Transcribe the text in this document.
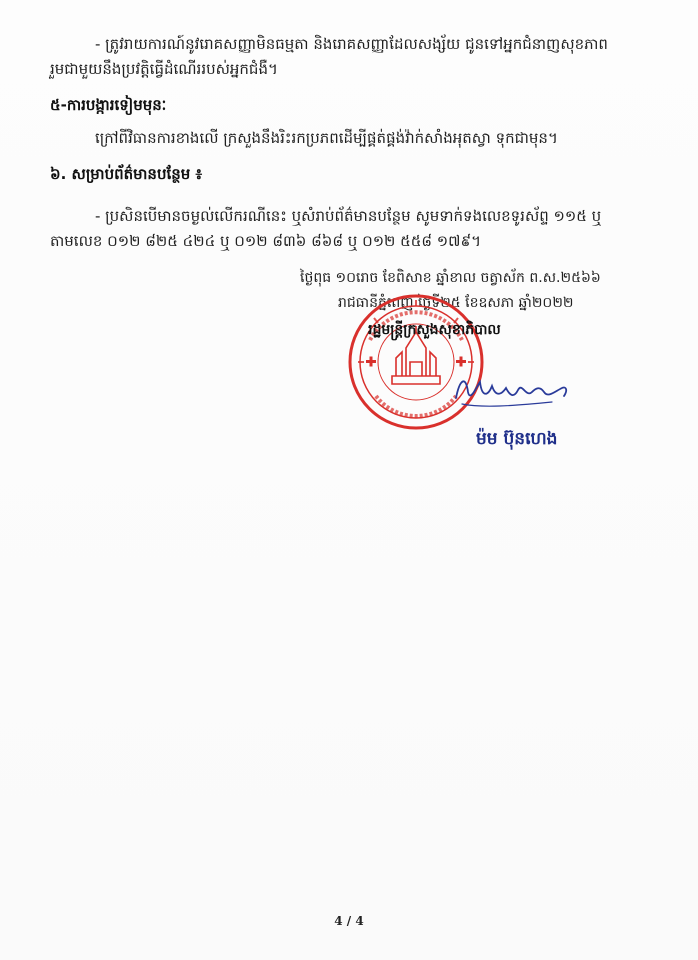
- ត្រូវរាយការណ៍នូវរោគសញ្ញាមិនធម្មតា និងរោគសញ្ញាដែលសង្ស័យ ជូនទៅអ្នកជំនាញសុខភាព
រួមជាមួយនឹងប្រវត្តិធ្វើដំណើររបស់អ្នកជំងឺ។
៥-ការបង្ការទៀមមុនៈ
ក្រៅពីវិធានការខាងលើ ក្រសួងនឹងរិះរកប្រភពដើម្បីផ្គត់ផ្គង់វ៉ាក់សាំងអុតស្វា ទុកជាមុន។
៦. សម្រាប់ព័ត៌មានបន្ថែម ៖
- ប្រសិនបើមានចម្ងល់លើករណីនេះ ឬសំរាប់ព័ត៌មានបន្ថែម សូមទាក់ទងលេខទូរស័ព្ទ ១១៥ ឬ
តាមលេខ ០១២ ៨២៥ ៤២៤ ឬ ០១២ ៨៣៦ ៨៦៨ ឬ ០១២ ៥៥៨ ១៧៩។
ថ្ងៃពុធ ១០រោច ខែពិសាខ ឆ្នាំខាល ចត្វាស័ក ព.ស.២៥៦៦
រាជធានីភ្នំពេញ ថ្ងៃទី២៥ ខែឧសភា ឆ្នាំ២០២២
រដ្ឋមន្ត្រីក្រសួងសុខាភិបាល
ម៉ម ប៊ុនហេង
4 / 4
